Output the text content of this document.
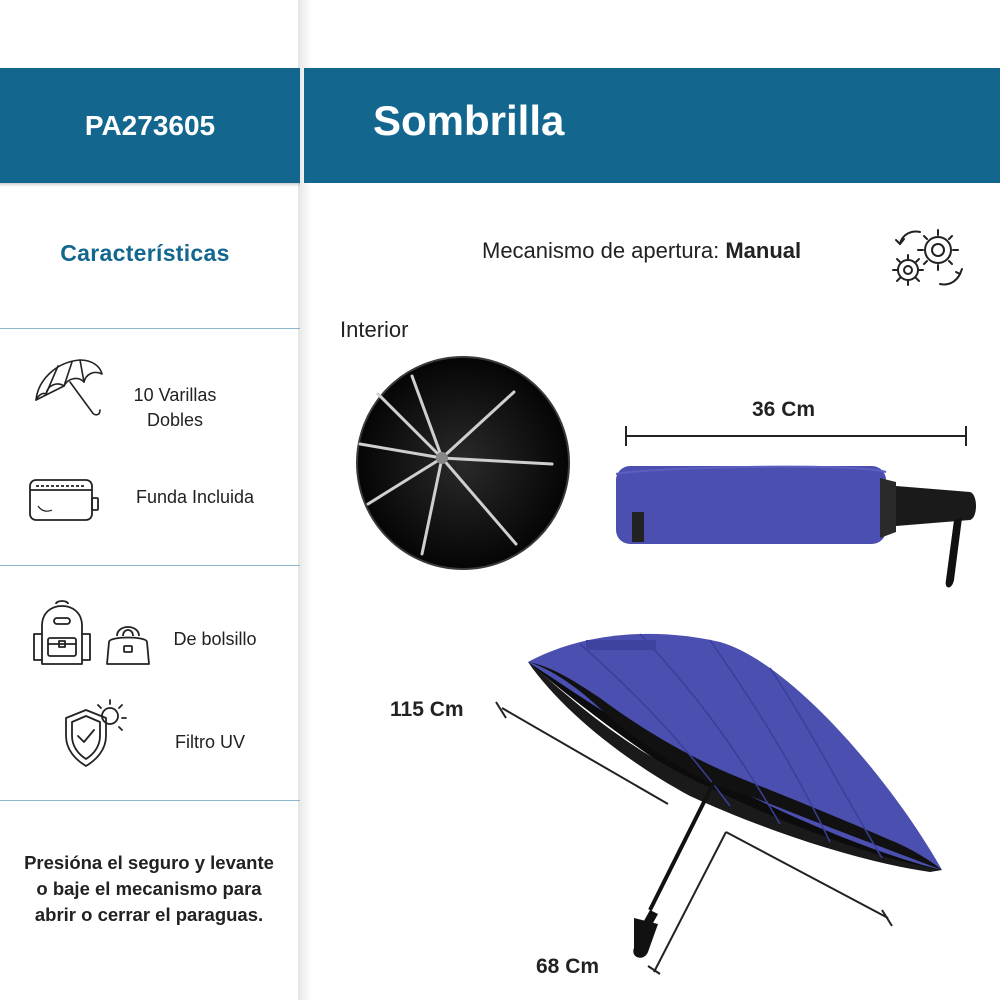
PA273605	Sombrilla
Características
10 Varillas
Dobles
Funda Incluida
De bolsillo
Filtro UV
Presióna el seguro y levante o baje el mecanismo para abrir o cerrar el paraguas.
Mecanismo de apertura: Manual
Interior
36 Cm
115 Cm
68 Cm
